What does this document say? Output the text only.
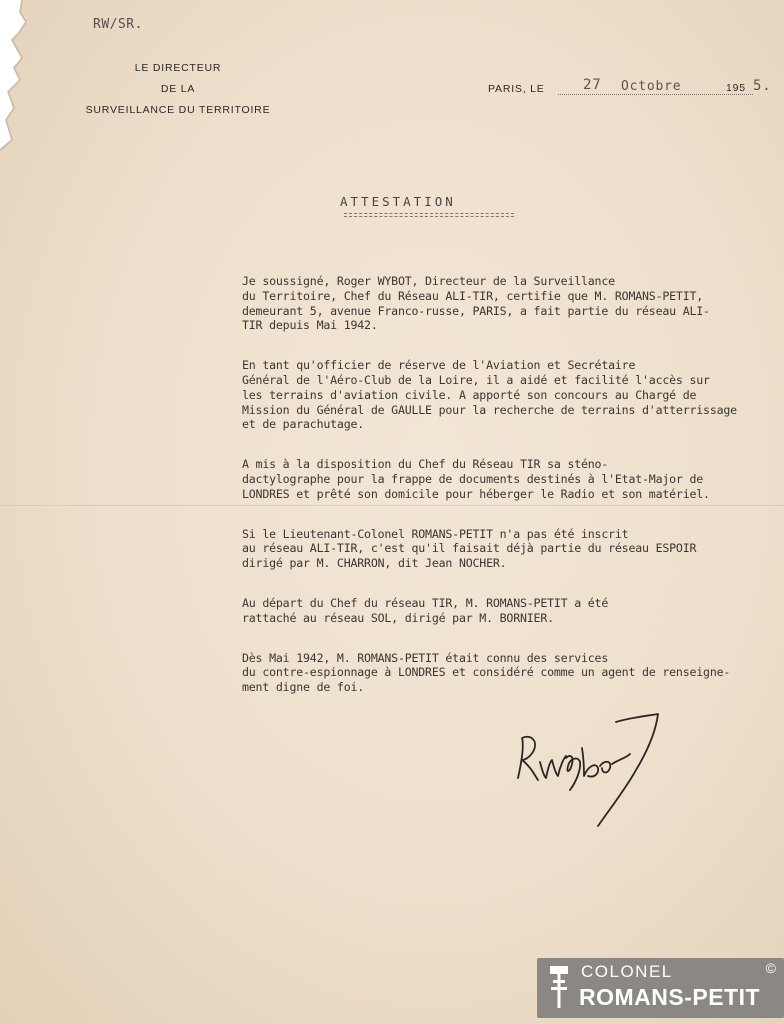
RW/SR.
LE DIRECTEUR
DE LA
SURVEILLANCE DU TERRITOIRE
PARIS, LE	27 Octobre	195 5.
ATTESTATION

Je soussigné, Roger WYBOT, Directeur de la Surveillance
du Territoire, Chef du Réseau ALI-TIR, certifie que M. ROMANS-PETIT,
demeurant 5, avenue Franco-russe, PARIS, a fait partie du réseau ALI-
TIR depuis Mai 1942.

En tant qu'officier de réserve de l'Aviation et Secrétaire
Général de l'Aéro-Club de la Loire, il a aidé et facilité l'accès sur
les terrains d'aviation civile. A apporté son concours au Chargé de
Mission du Général de GAULLE pour la recherche de terrains d'atterrissage
et de parachutage.

A mis à la disposition du Chef du Réseau TIR sa sténo-
dactylographe pour la frappe de documents destinés à l'Etat-Major de
LONDRES et prêté son domicile pour héberger le Radio et son matériel.

Si le Lieutenant-Colonel ROMANS-PETIT n'a pas été inscrit
au réseau ALI-TIR, c'est qu'il faisait déjà partie du réseau ESPOIR
dirigé par M. CHARRON, dit Jean NOCHER.

Au départ du Chef du réseau TIR, M. ROMANS-PETIT a été
rattaché au réseau SOL, dirigé par M. BORNIER.

Dès Mai 1942, M. ROMANS-PETIT était connu des services
du contre-espionnage à LONDRES et considéré comme un agent de renseigne-
ment digne de foi.

COLONEL
ROMANS-PETIT
©
